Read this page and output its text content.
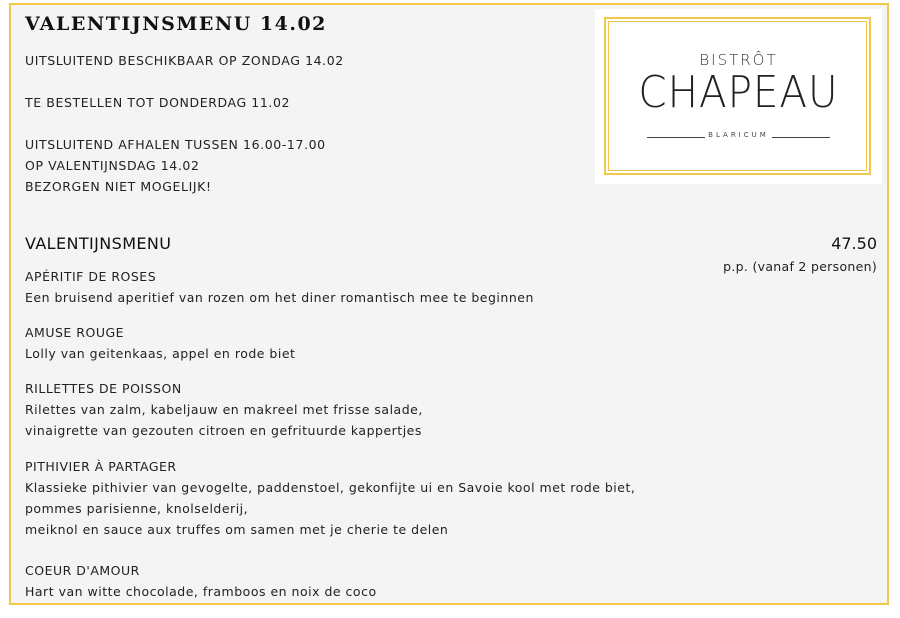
VALENTIJNSMENU 14.02
UITSLUITEND BESCHIKBAAR OP ZONDAG 14.02
TE BESTELLEN TOT DONDERDAG 11.02
UITSLUITEND AFHALEN TUSSEN 16.00-17.00
OP VALENTIJNSDAG 14.02
BEZORGEN NIET MOGELIJK!
BISTRÔT
CHAPEAU
BLARICUM
VALENTIJNSMENU	47.50
p.p. (vanaf 2 personen)
APÉRITIF DE ROSES
Een bruisend aperitief van rozen om het diner romantisch mee te beginnen
AMUSE ROUGE
Lolly van geitenkaas, appel en rode biet
RILLETTES DE POISSON
Rilettes van zalm, kabeljauw en makreel met frisse salade,
vinaigrette van gezouten citroen en gefrituurde kappertjes
PITHIVIER À PARTAGER
Klassieke pithivier van gevogelte, paddenstoel, gekonfijte ui en Savoie kool met rode biet,
pommes parisienne, knolselderij,
meiknol en sauce aux truffes om samen met je cherie te delen
COEUR D'AMOUR
Hart van witte chocolade, framboos en noix de coco
